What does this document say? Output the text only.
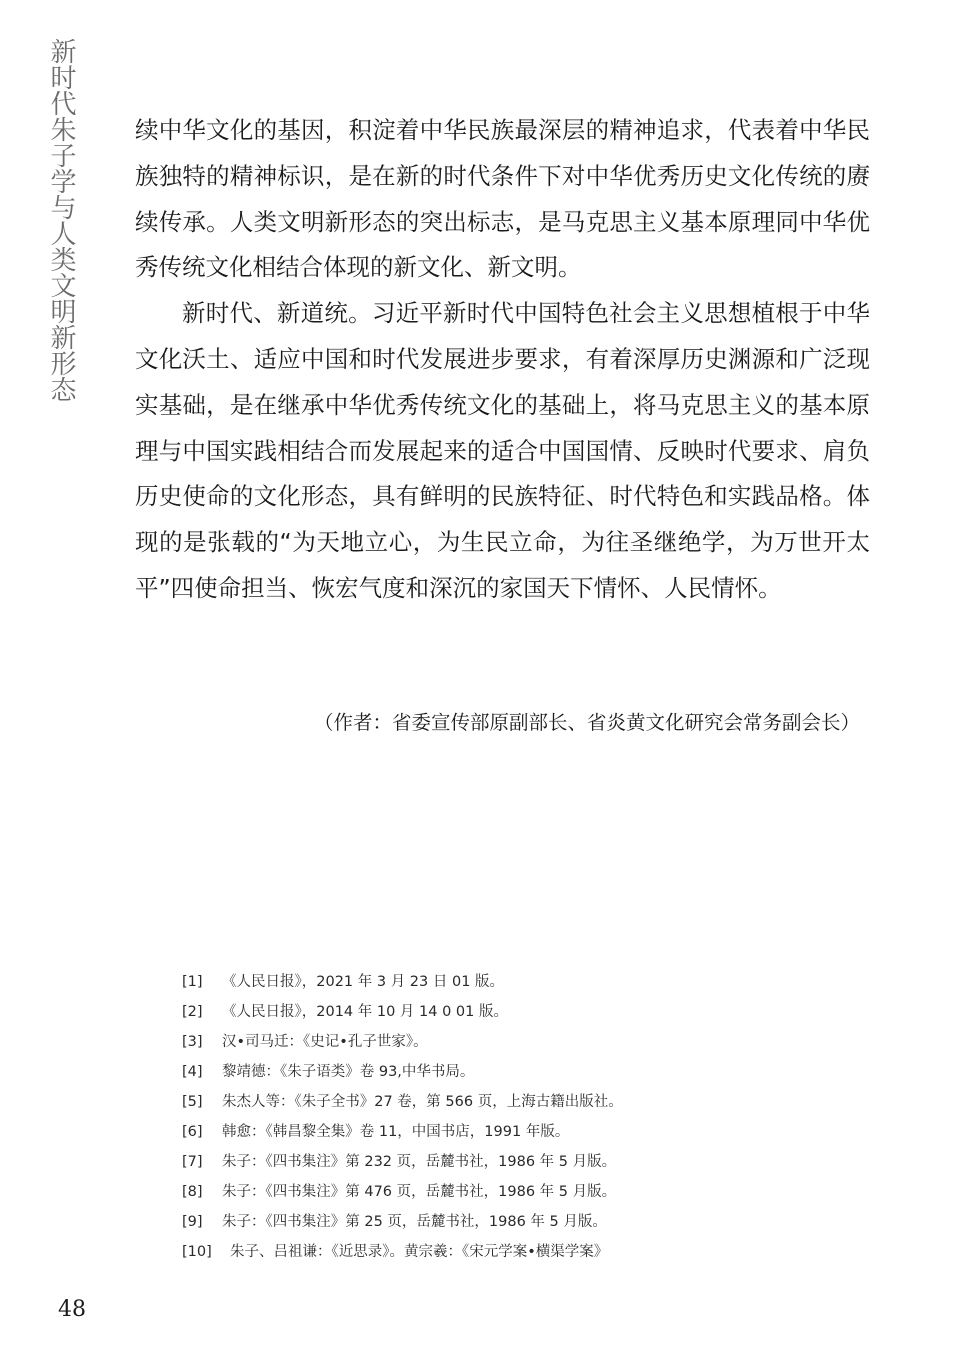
新时代朱子学与人类文明新形态	续中华文化的基因，积淀着中华民族最深层的精神追求，代表着中华民族独特的精神标识，是在新的时代条件下对中华优秀历史文化传统的赓续传承。人类文明新形态的突出标志，是马克思主义基本原理同中华优秀传统文化相结合体现的新文化、新文明。

新时代、新道统。习近平新时代中国特色社会主义思想植根于中华文化沃土、适应中国和时代发展进步要求，有着深厚历史渊源和广泛现实基础，是在继承中华优秀传统文化的基础上，将马克思主义的基本原理与中国实践相结合而发展起来的适合中国国情、反映时代要求、肩负历史使命的文化形态，具有鲜明的民族特征、时代特色和实践品格。体现的是张载的“为天地立心，为生民立命，为往圣继绝学，为万世开太平”四使命担当、恢宏气度和深沉的家国天下情怀、人民情怀。

（作者：省委宣传部原副部长、省炎黄文化研究会常务副会长）
[1]	《人民日报》，2021 年 3 月 23 日 01 版。
[2]	《人民日报》，2014 年 10 月 14 0 01 版。
[3]	汉•司马迁：《史记•孔子世家》。
[4]	黎靖德：《朱子语类》卷 93,中华书局。
[5]	朱杰人等：《朱子全书》27 卷，第 566 页，上海古籍出版社。
[6]	韩愈：《韩昌黎全集》卷 11，中国书店，1991 年版。
[7]	朱子：《四书集注》第 232 页，岳麓书社，1986 年 5 月版。
[8]	朱子：《四书集注》第 476 页，岳麓书社，1986 年 5 月版。
[9]	朱子：《四书集注》第 25 页，岳麓书社，1986 年 5 月版。
[10]	朱子、吕祖谦：《近思录》。黄宗羲：《宋元学案•横渠学案》
48
